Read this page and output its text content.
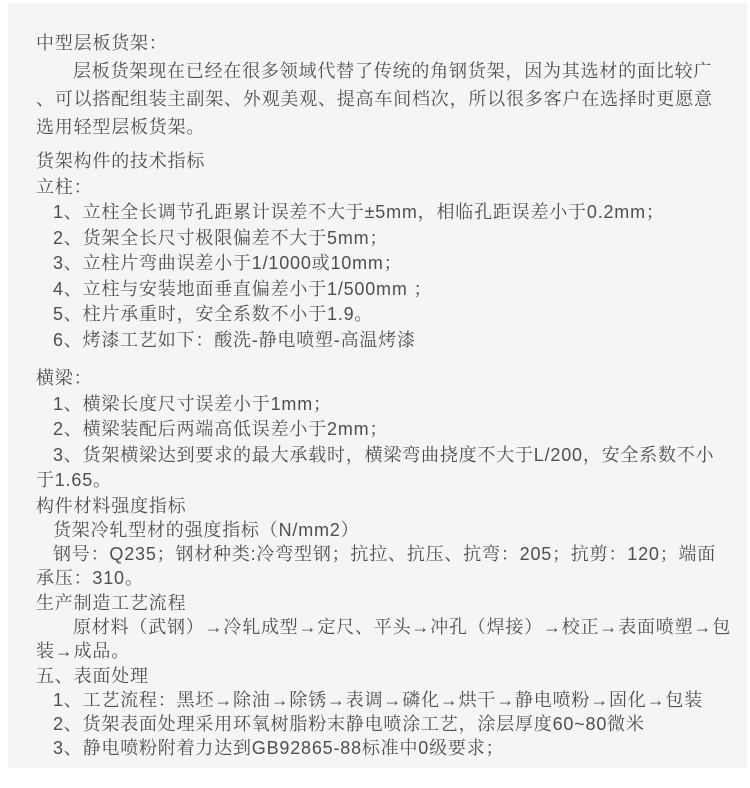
中型层板货架：
层板货架现在已经在很多领域代替了传统的角钢货架，因为其选材的面比较广
、可以搭配组装主副架、外观美观、提高车间档次，所以很多客户在选择时更愿意
选用轻型层板货架。
货架构件的技术指标
立柱：
1、立柱全长调节孔距累计误差不大于±5mm，相临孔距误差小于0.2mm；
2、货架全长尺寸极限偏差不大于5mm；
3、立柱片弯曲误差小于1/1000或10mm；
4、立柱与安装地面垂直偏差小于1/500mm ；
5、柱片承重时，安全系数不小于1.9。
6、烤漆工艺如下：酸洗-静电喷塑-高温烤漆
横梁：
1、横梁长度尺寸误差小于1mm；
2、横梁装配后两端高低误差小于2mm；
3、货架横梁达到要求的最大承载时，横梁弯曲挠度不大于L/200，安全系数不小
于1.65。
构件材料强度指标
货架冷轧型材的强度指标（N/mm2）
钢号：Q235；钢材种类:冷弯型钢；抗拉、抗压、抗弯：205；抗剪：120；端面
承压：310。
生产制造工艺流程
原材料（武钢）→冷轧成型→定尺、平头→冲孔（焊接）→校正→表面喷塑→包
装→成品。
五、表面处理
1、工艺流程：黑坯→除油→除锈→表调→磷化→烘干→静电喷粉→固化→包装
2、货架表面处理采用环氧树脂粉末静电喷涂工艺，涂层厚度60~80微米
3、静电喷粉附着力达到GB92865-88标准中0级要求；
